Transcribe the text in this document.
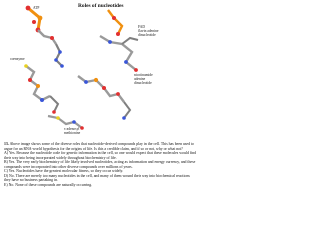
Roles of nucleotides
ATP
FAD
flavin adenine
dinucleotide
coenzyme
nicotinamide
adenine
dinucleotide
s-adenosyl
methionine

13. Above image shows some of the diverse roles that nucleotide-derived compounds play in the cell. This has been used to argue for an RNA-world hypothesis for the origins of life. Is this a credible claim, and if so or not, why or what not?

A) Yes. Because the nucleotide code for genetic information in the cell, so one would expect that these molecules would find their way into being incorporated widely throughout biochemistry of life.

B) Yes. The very early biochemistry of life likely involved nucleotides, acting as information and energy currency, and these compounds were incorporated into other diverse compounds over millions of years.

C) Yes. Nucleotides have the greatest molecular fitness, so they occur widely.

D) No. There are merely too many nucleotides in the cell, and many of them wound their way into biochemical reactions they have no business partaking in.

E) No. None of these compounds are naturally occurring.
